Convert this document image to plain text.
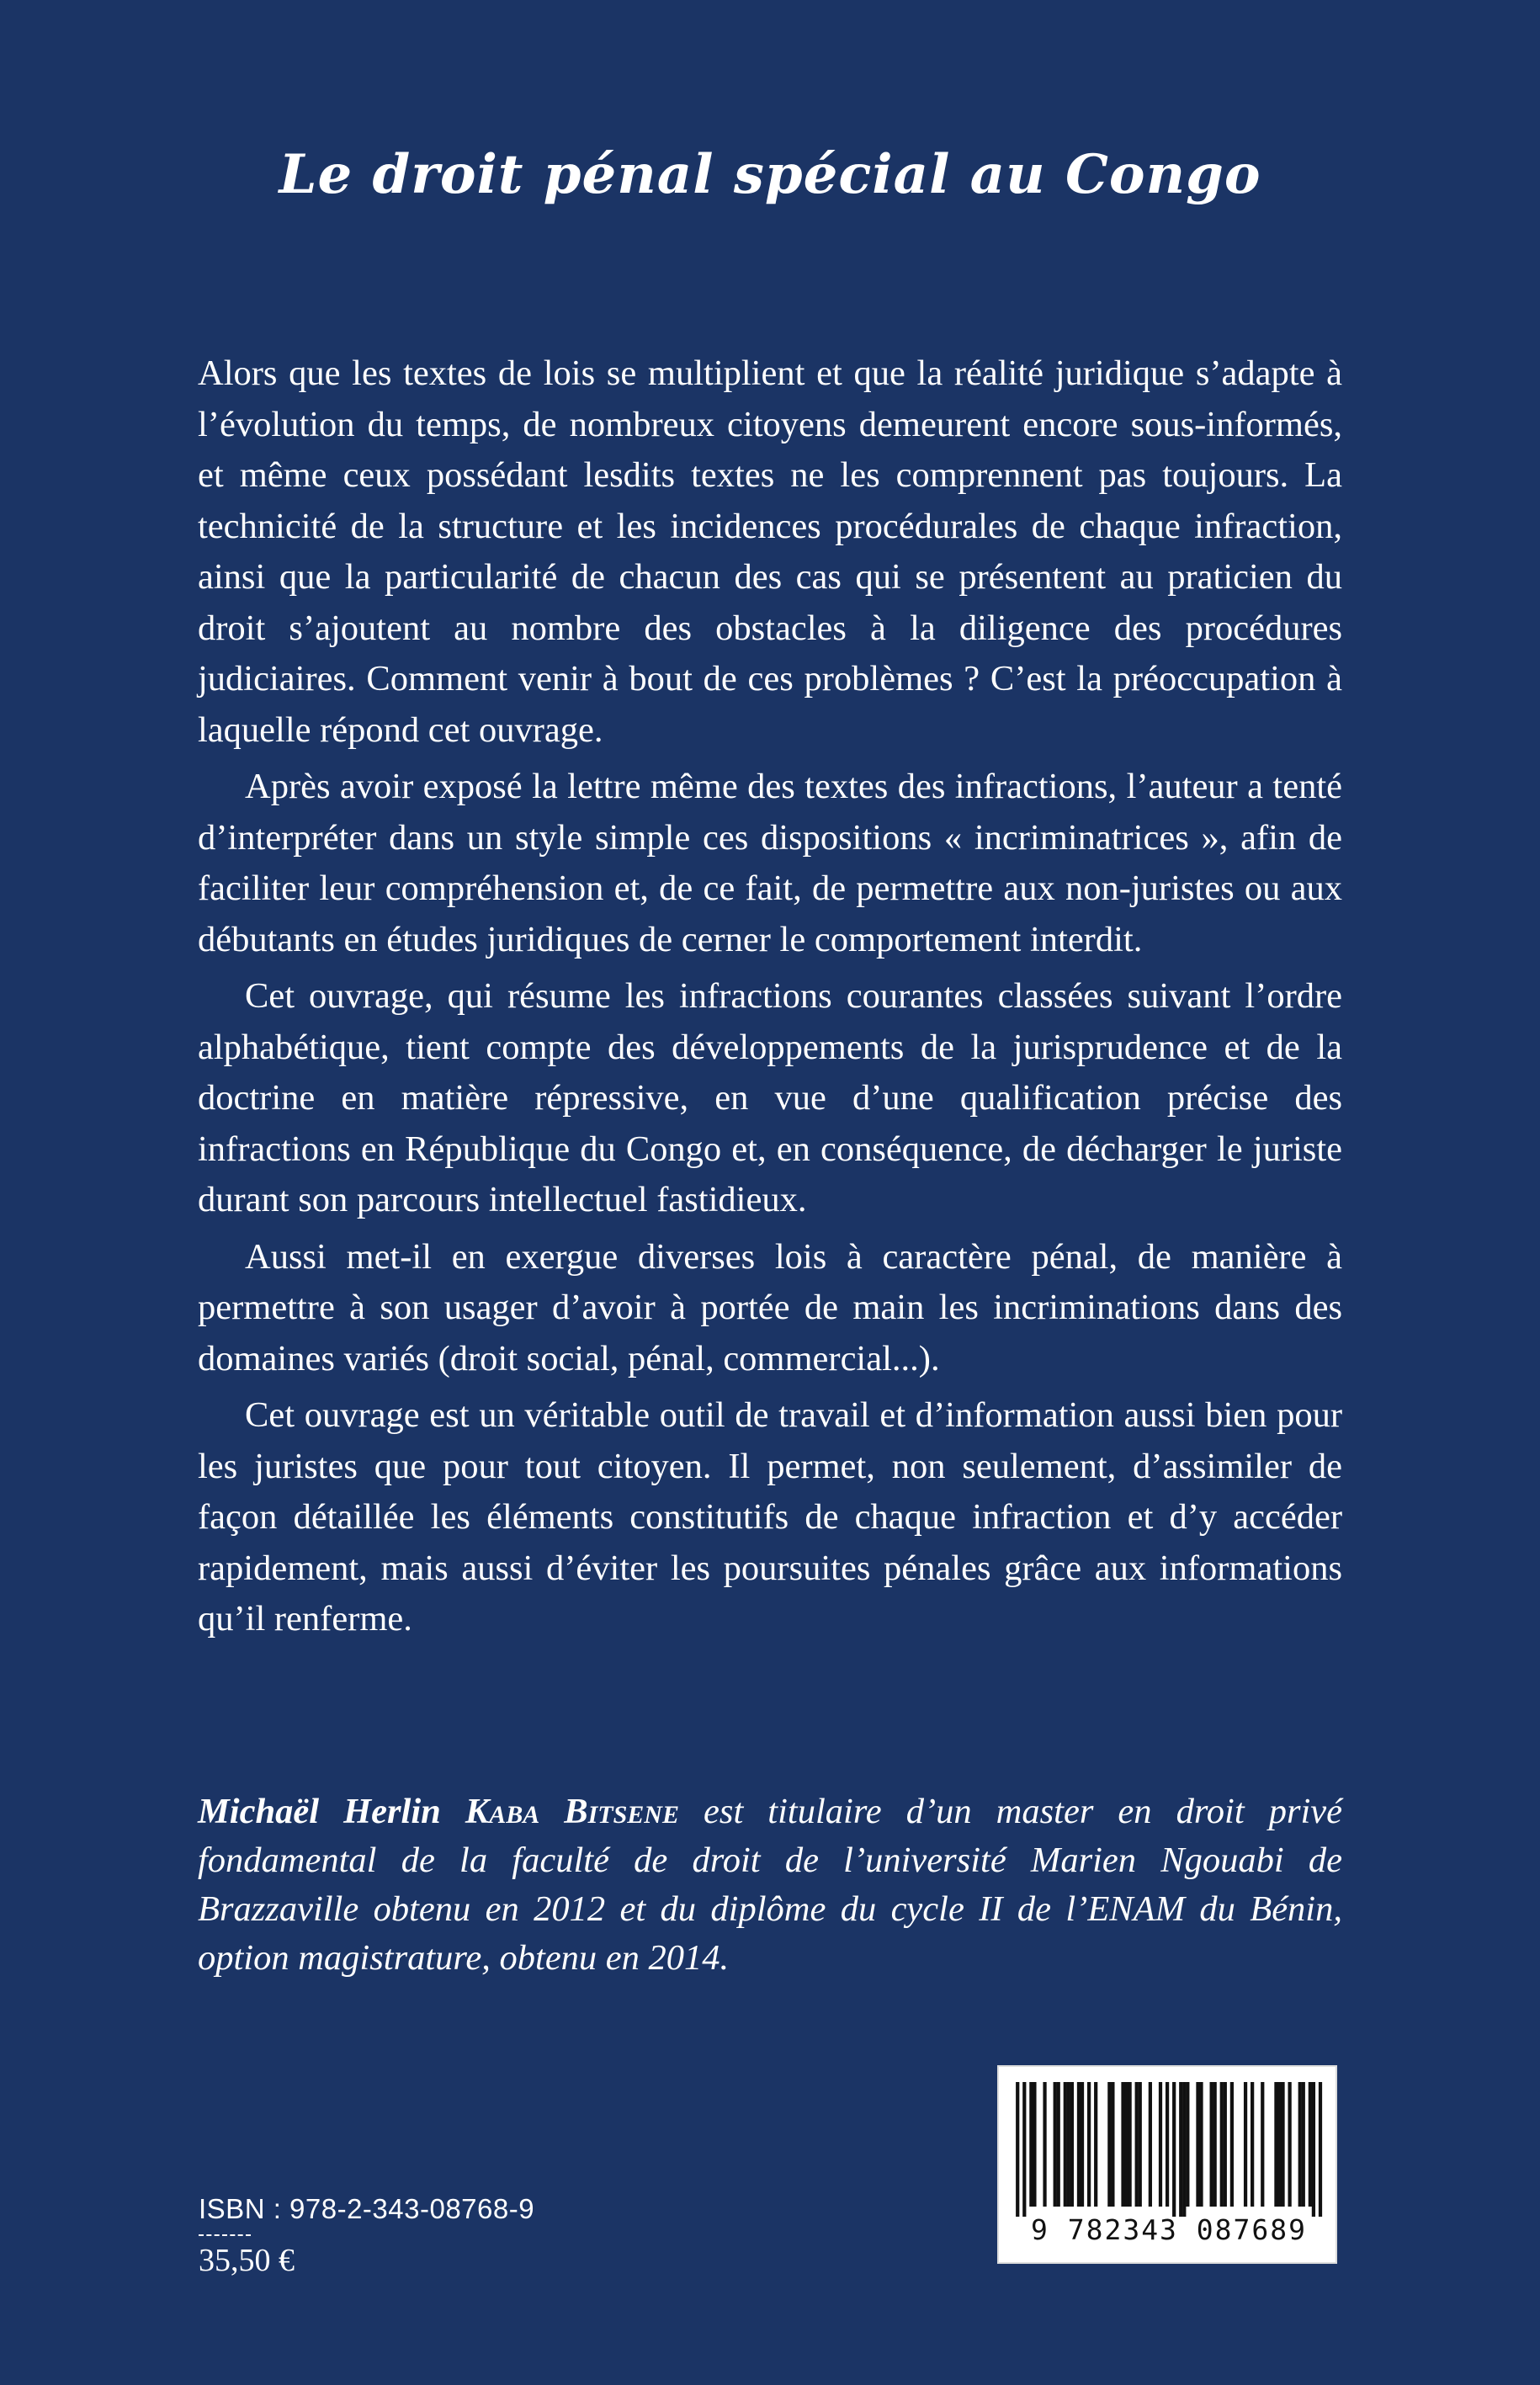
Le droit pénal spécial au Congo

Alors que les textes de lois se multiplient et que la réalité juridique s’adapte à l’évolution du temps, de nombreux citoyens demeurent encore sous-informés, et même ceux possédant lesdits textes ne les comprennent pas toujours. La technicité de la structure et les incidences procédurales de chaque infraction, ainsi que la particularité de chacun des cas qui se présentent au praticien du droit s’ajoutent au nombre des obstacles à la diligence des procédures judiciaires. Comment venir à bout de ces problèmes ? C’est la préoccupation à laquelle répond cet ouvrage.

Après avoir exposé la lettre même des textes des infractions, l’auteur a tenté d’interpréter dans un style simple ces dispositions « incriminatrices », afin de faciliter leur compréhension et, de ce fait, de permettre aux non-juristes ou aux débutants en études juridiques de cerner le comportement interdit.

Cet ouvrage, qui résume les infractions courantes classées suivant l’ordre alphabétique, tient compte des développements de la jurisprudence et de la doctrine en matière répressive, en vue d’une qualification précise des infractions en République du Congo et, en conséquence, de décharger le juriste durant son parcours intellectuel fastidieux.

Aussi met-il en exergue diverses lois à caractère pénal, de manière à permettre à son usager d’avoir à portée de main les incriminations dans des domaines variés (droit social, pénal, commercial...).

Cet ouvrage est un véritable outil de travail et d’information aussi bien pour les juristes que pour tout citoyen. Il permet, non seulement, d’assimiler de façon détaillée les éléments constitutifs de chaque infraction et d’y accéder rapidement, mais aussi d’éviter les poursuites pénales grâce aux informations qu’il renferme.

Michaël Herlin Kaba Bitsene est titulaire d’un master en droit privé fondamental de la faculté de droit de l’université Marien Ngouabi de Brazzaville obtenu en 2012 et du diplôme du cycle II de l’ENAM du Bénin, option magistrature, obtenu en 2014.

ISBN : 978-2-343-08768-9
35,50 €
9 782343 087689
